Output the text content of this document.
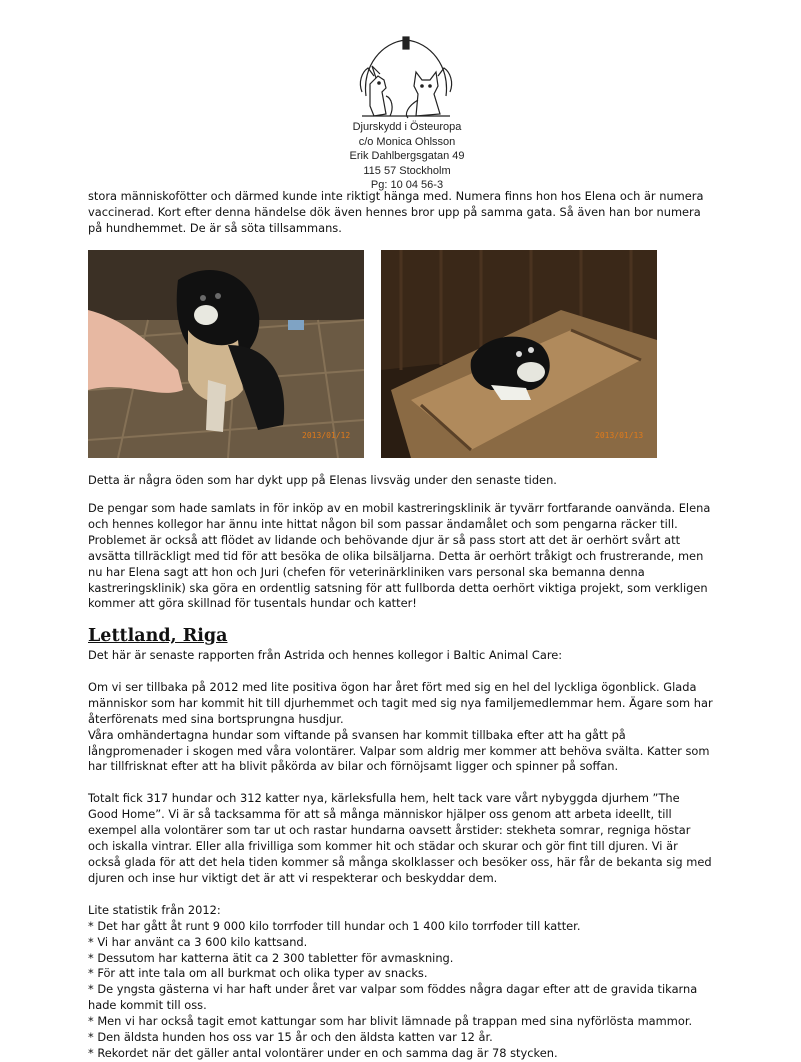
Djurskydd i Östeuropa
c/o Monica Ohlsson
Erik Dahlbergsgatan 49
115 57 Stockholm
Pg: 10 04 56-3

stora människofötter och därmed kunde inte riktigt hänga med. Numera finns hon hos Elena och är numera

vaccinerad. Kort efter denna händelse dök även hennes bror upp på samma gata. Så även han bor numera

på hundhemmet. De är så söta tillsammans.

2013/01/12	2013/01/13

Detta är några öden som har dykt upp på Elenas livsväg under den senaste tiden.

De pengar som hade samlats in för inköp av en mobil kastreringsklinik är tyvärr fortfarande oanvända. Elena

och hennes kollegor har ännu inte hittat någon bil som passar ändamålet och som pengarna räcker till.

Problemet är också att flödet av lidande och behövande djur är så pass stort att det är oerhört svårt att

avsätta tillräckligt med tid för att besöka de olika bilsäljarna. Detta är oerhört tråkigt och frustrerande, men

nu har Elena sagt att hon och Juri (chefen för veterinärkliniken vars personal ska bemanna denna

kastreringsklinik) ska göra en ordentlig satsning för att fullborda detta oerhört viktiga projekt, som verkligen

kommer att göra skillnad för tusentals hundar och katter!

Lettland, Riga

Det här är senaste rapporten från Astrida och hennes kollegor i Baltic Animal Care:

Om vi ser tillbaka på 2012 med lite positiva ögon har året fört med sig en hel del lyckliga ögonblick. Glada

människor som har kommit hit till djurhemmet och tagit med sig nya familjemedlemmar hem. Ägare som har

återförenats med sina bortsprungna husdjur.

Våra omhändertagna hundar som viftande på svansen har kommit tillbaka efter att ha gått på

långpromenader i skogen med våra volontärer. Valpar som aldrig mer kommer att behöva svälta. Katter som

har tillfrisknat efter att ha blivit påkörda av bilar och förnöjsamt ligger och spinner på soffan.

Totalt fick 317 hundar och 312 katter nya, kärleksfulla hem, helt tack vare vårt nybyggda djurhem ”The

Good Home”. Vi är så tacksamma för att så många människor hjälper oss genom att arbeta ideellt, till

exempel alla volontärer som tar ut och rastar hundarna oavsett årstider: stekheta somrar, regniga höstar

och iskalla vintrar. Eller alla frivilliga som kommer hit och städar och skurar och gör fint till djuren. Vi är

också glada för att det hela tiden kommer så många skolklasser och besöker oss, här får de bekanta sig med

djuren och inse hur viktigt det är att vi respekterar och beskyddar dem.

Lite statistik från 2012:

* Det har gått åt runt 9 000 kilo torrfoder till hundar och 1 400 kilo torrfoder till katter.

* Vi har använt ca 3 600 kilo kattsand.

* Dessutom har katterna ätit ca 2 300 tabletter för avmaskning.

* För att inte tala om all burkmat och olika typer av snacks.

* De yngsta gästerna vi har haft under året var valpar som föddes några dagar efter att de gravida tikarna

hade kommit till oss.

* Men vi har också tagit emot kattungar som har blivit lämnade på trappan med sina nyförlösta mammor.

* Den äldsta hunden hos oss var 15 år och den äldsta katten var 12 år.

* Rekordet när det gäller antal volontärer under en och samma dag är 78 stycken.
